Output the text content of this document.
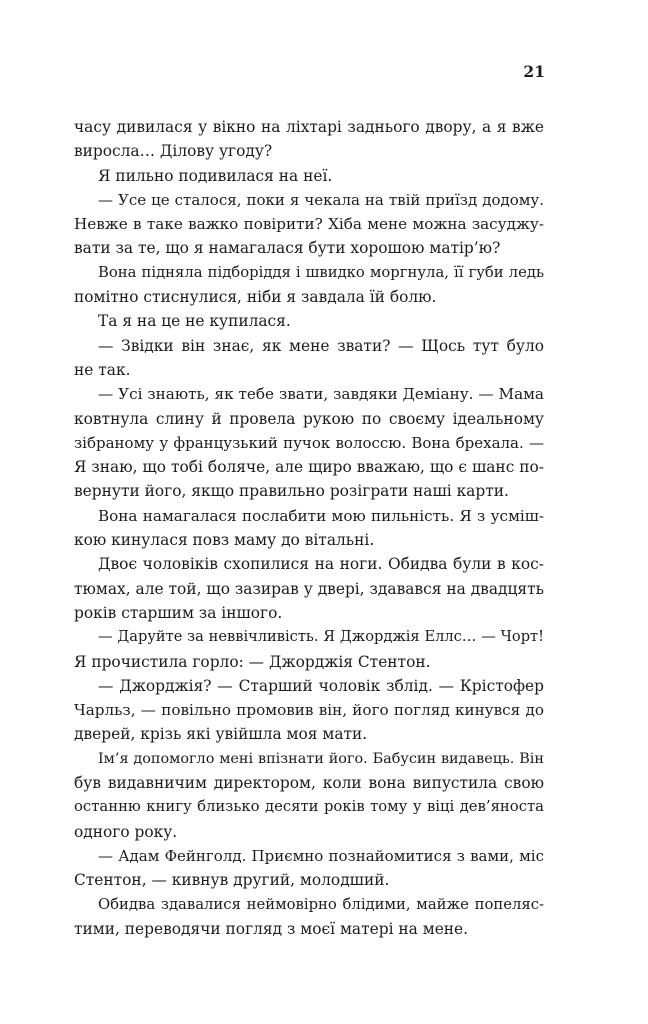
21

часу дивилася у вікно на ліхтарі заднього двору, а я вже
виросла… Ділову угоду?
Я пильно подивилася на неї.
— Усе це сталося, поки я чекала на твій приїзд додому.
Невже в таке важко повірити? Хіба мене можна засуджу-
вати за те, що я намагалася бути хорошою матір’ю?
Вона підняла підборіддя і швидко моргнула, її губи ледь
помітно стиснулися, ніби я завдала їй болю.
Та я на це не купилася.
— Звідки він знає, як мене звати? — Щось тут було
не так.
— Усі знають, як тебе звати, завдяки Деміану. — Мама
ковтнула слину й провела рукою по своєму ідеальному
зібраному у французький пучок волоссю. Вона брехала. —
Я знаю, що тобі боляче, але щиро вважаю, що є шанс по-
вернути його, якщо правильно розіграти наші карти.
Вона намагалася послабити мою пильність. Я з усміш-
кою кинулася повз маму до вітальні.
Двоє чоловіків схопилися на ноги. Обидва були в кос-
тюмах, але той, що зазирав у двері, здавався на двадцять
років старшим за іншого.
— Даруйте за неввічливість. Я Джорджія Еллс… — Чорт!
Я прочистила горло: — Джорджія Стентон.
— Джорджія? — Старший чоловік зблід. — Крістофер
Чарльз, — повільно промовив він, його погляд кинувся до
дверей, крізь які увійшла моя мати.
Ім’я допомогло мені впізнати його. Бабусин видавець. Він
був видавничим директором, коли вона випустила свою
останню книгу близько десяти років тому у віці дев’яноста
одного року.
— Адам Фейнголд. Приємно познайомитися з вами, міс
Стентон, — кивнув другий, молодший.
Обидва здавалися неймовірно блідими, майже попеляс-
тими, переводячи погляд з моєї матері на мене.
